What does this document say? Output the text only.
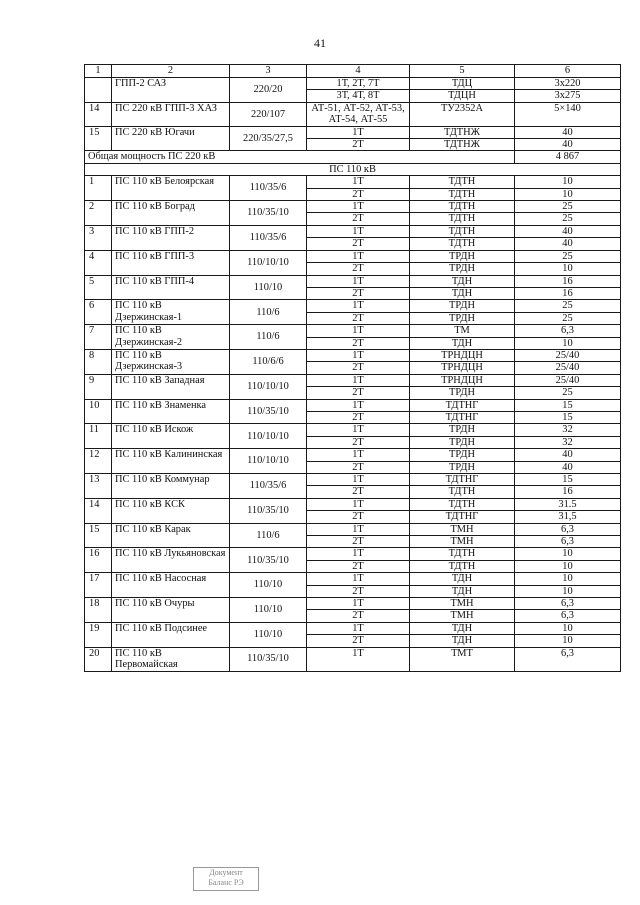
41
1	2	3	4	5	6
	ГПП-2 САЗ	220/20	1Т, 2Т, 7Т	ТДЦ	3х220
			3Т, 4Т, 8Т	ТДЦН	3х275
14	ПС 220 кВ ГПП-3 ХАЗ	220/107	АТ-51, АТ-52, АТ-53, АТ-54, АТ-55	ТУ2352А	5×140
15	ПС 220 кВ Югачи	220/35/27,5	1Т	ТДТНЖ	40
			2Т	ТДТНЖ	40
Общая мощность ПС 220 кВ					4 867
ПС 110 кВ					
1	ПС 110 кВ Белоярская	110/35/6	1Т	ТДТН	10
			2Т	ТДТН	10
2	ПС 110 кВ Боград	110/35/10	1Т	ТДТН	25
			2Т	ТДТН	25
3	ПС 110 кВ ГПП-2	110/35/6	1Т	ТДТН	40
			2Т	ТДТН	40
4	ПС 110 кВ ГПП-3	110/10/10	1Т	ТРДН	25
			2Т	ТРДН	10
5	ПС 110 кВ ГПП-4	110/10	1Т	ТДН	16
			2Т	ТДН	16
6	ПС 110 кВ Дзержинская-1	110/6	1Т	ТРДН	25
			2Т	ТРДН	25
7	ПС 110 кВ Дзержинская-2	110/6	1Т	ТМ	6,3
			2Т	ТДН	10
8	ПС 110 кВ Дзержинская-3	110/6/6	1Т	ТРНДЦН	25/40
			2Т	ТРНДЦН	25/40
9	ПС 110 кВ Западная	110/10/10	1Т	ТРНДЦН	25/40
			2Т	ТРДН	25
10	ПС 110 кВ Знаменка	110/35/10	1Т	ТДТНГ	15
			2Т	ТДТНГ	15
11	ПС 110 кВ Искож	110/10/10	1Т	ТРДН	32
			2Т	ТРДН	32
12	ПС 110 кВ Калининская	110/10/10	1Т	ТРДН	40
			2Т	ТРДН	40
13	ПС 110 кВ Коммунар	110/35/6	1Т	ТДТНГ	15
			2Т	ТДТН	16
14	ПС 110 кВ КСК	110/35/10	1Т	ТДТН	31.5
			2Т	ТДТНГ	31,5
15	ПС 110 кВ Карак	110/6	1Т	ТМН	6,3
			2Т	ТМН	6,3
16	ПС 110 кВ Лукьяновская	110/35/10	1Т	ТДТН	10
			2Т	ТДТН	10
17	ПС 110 кВ Насосная	110/10	1Т	ТДН	10
			2Т	ТДН	10
18	ПС 110 кВ Очуры	110/10	1Т	ТМН	6,3
			2Т	ТМН	6,3
19	ПС 110 кВ Подсинее	110/10	1Т	ТДН	10
			2Т	ТДН	10
20	ПС 110 кВ Первомайская	110/35/10	1Т	ТМТ	6,3
Документ
Баланс РЭ
